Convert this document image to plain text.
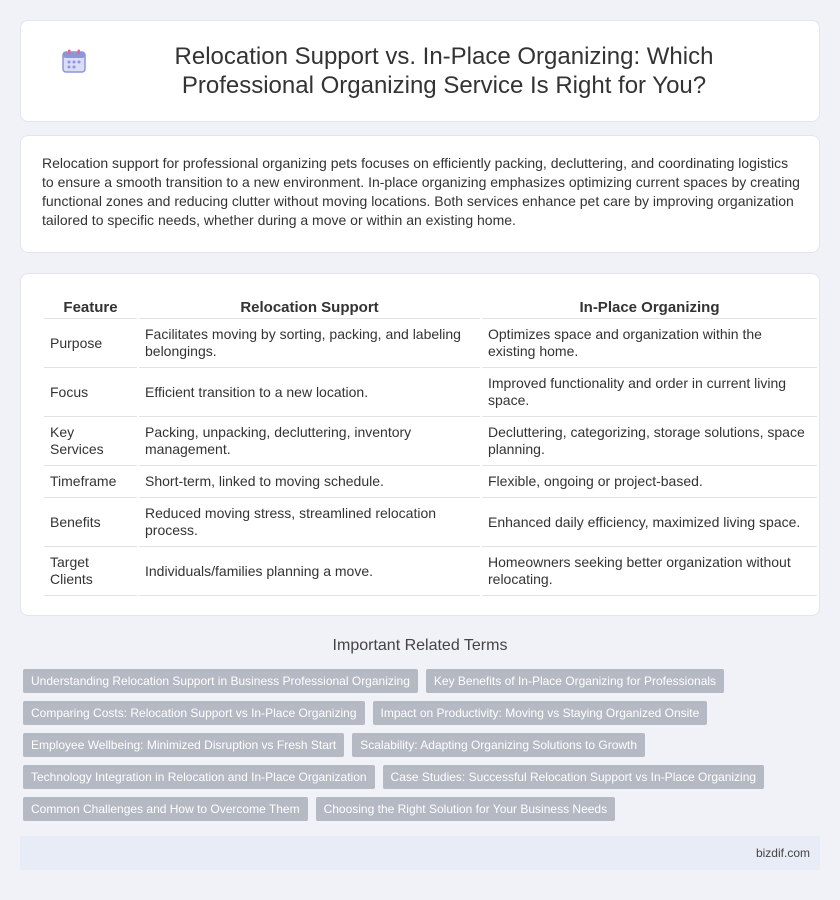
Relocation Support vs. In-Place Organizing: Which Professional Organizing Service Is Right for You?

Relocation support for professional organizing pets focuses on efficiently packing, decluttering, and coordinating logistics to ensure a smooth transition to a new environment. In-place organizing emphasizes optimizing current spaces by creating functional zones and reducing clutter without moving locations. Both services enhance pet care by improving organization tailored to specific needs, whether during a move or within an existing home.

Feature	Relocation Support	In-Place Organizing
Purpose	Facilitates moving by sorting, packing, and labeling belongings.	Optimizes space and organization within the existing home.
Focus	Efficient transition to a new location.	Improved functionality and order in current living space.
Key Services	Packing, unpacking, decluttering, inventory management.	Decluttering, categorizing, storage solutions, space planning.
Timeframe	Short-term, linked to moving schedule.	Flexible, ongoing or project-based.
Benefits	Reduced moving stress, streamlined relocation process.	Enhanced daily efficiency, maximized living space.
Target Clients	Individuals/families planning a move.	Homeowners seeking better organization without relocating.
Important Related Terms
Understanding Relocation Support in Business Professional Organizing	Key Benefits of In-Place Organizing for Professionals
Comparing Costs: Relocation Support vs In-Place Organizing	Impact on Productivity: Moving vs Staying Organized Onsite
Employee Wellbeing: Minimized Disruption vs Fresh Start	Scalability: Adapting Organizing Solutions to Growth
Technology Integration in Relocation and In-Place Organization	Case Studies: Successful Relocation Support vs In-Place Organizing
Common Challenges and How to Overcome Them	Choosing the Right Solution for Your Business Needs
bizdif.com
